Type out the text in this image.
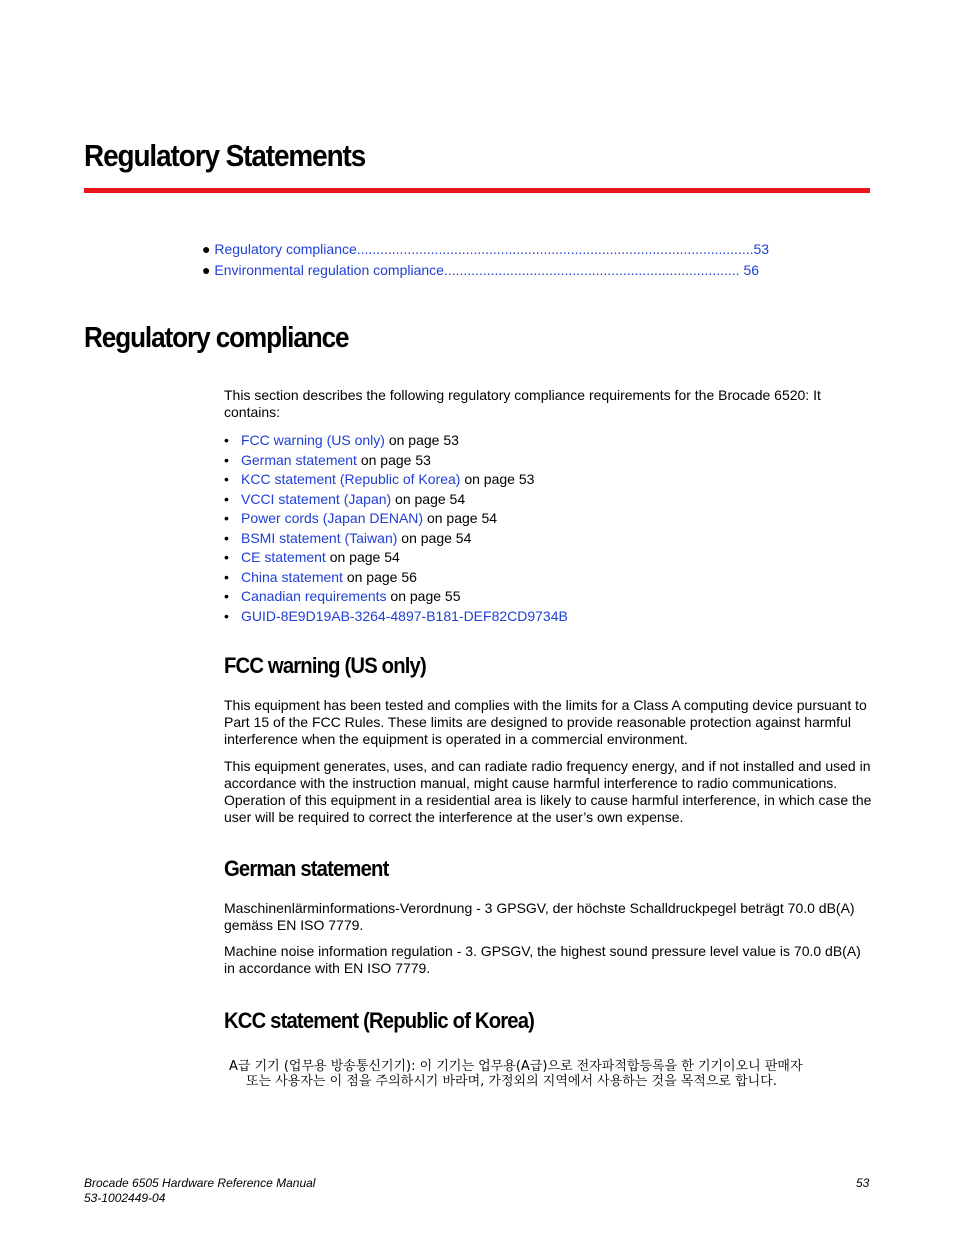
Regulatory Statements
● Regulatory compliance......................................................................................................53
● Environmental regulation compliance............................................................................ 56
Regulatory compliance
This section describes the following regulatory compliance requirements for the Brocade 6520: It contains:
• FCC warning (US only) on page 53
• German statement on page 53
• KCC statement (Republic of Korea) on page 53
• VCCI statement (Japan) on page 54
• Power cords (Japan DENAN) on page 54
• BSMI statement (Taiwan) on page 54
• CE statement on page 54
• China statement on page 56
• Canadian requirements on page 55
• GUID-8E9D19AB-3264-4897-B181-DEF82CD9734B
FCC warning (US only)
This equipment has been tested and complies with the limits for a Class A computing device pursuant to Part 15 of the FCC Rules. These limits are designed to provide reasonable protection against harmful interference when the equipment is operated in a commercial environment.
This equipment generates, uses, and can radiate radio frequency energy, and if not installed and used in accordance with the instruction manual, might cause harmful interference to radio communications. Operation of this equipment in a residential area is likely to cause harmful interference, in which case the user will be required to correct the interference at the user’s own expense.
German statement
Maschinenlärminformations-Verordnung - 3 GPSGV, der höchste Schalldruckpegel beträgt 70.0 dB(A) gemäss EN ISO 7779.
Machine noise information regulation - 3. GPSGV, the highest sound pressure level value is 70.0 dB(A) in accordance with EN ISO 7779.
KCC statement (Republic of Korea)
A급 기기 (업무용 방송통신기기): 이 기기는 업무용(A급)으로 전자파적합등록을 한 기기이오니 판매자
또는 사용자는 이 점을 주의하시기 바라며, 가정외의 지역에서 사용하는 것을 목적으로 합니다.
Brocade 6505 Hardware Reference Manual
53-1002449-04
53
